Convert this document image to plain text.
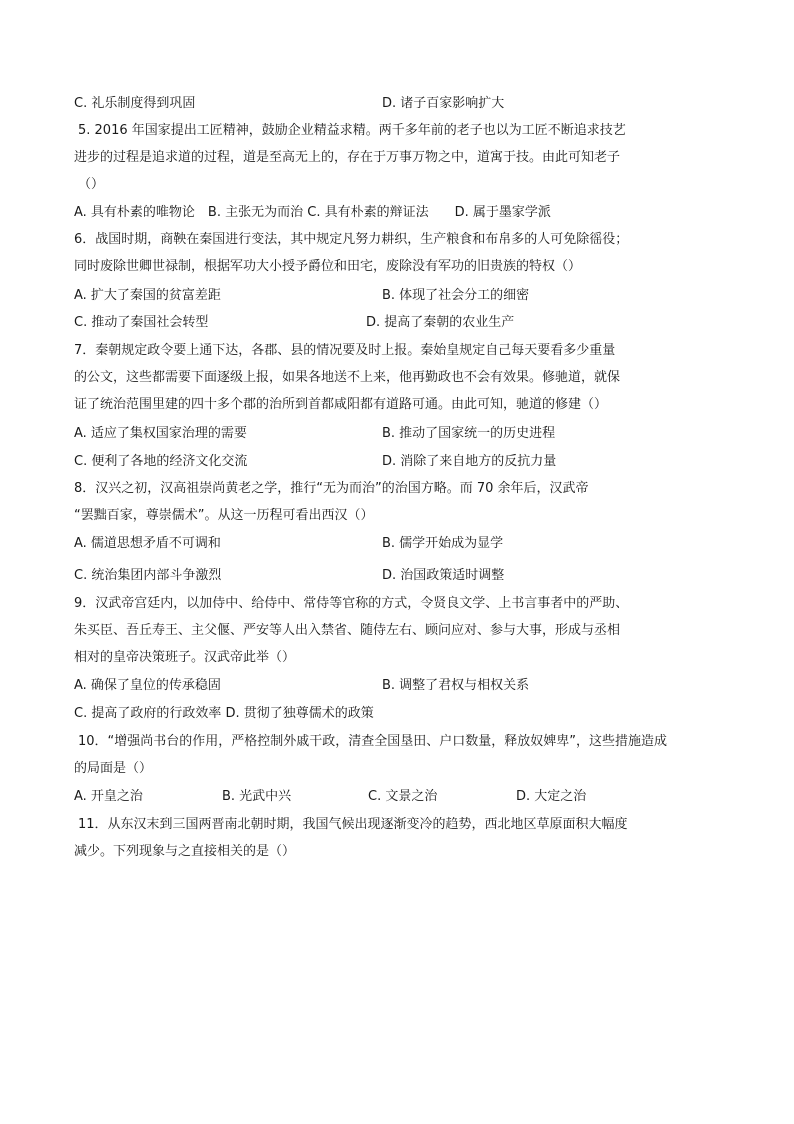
C. 礼乐制度得到巩固	D. 诸子百家影响扩大
5. 2016 年国家提出工匠精神，鼓励企业精益求精。两千多年前的老子也以为工匠不断追求技艺
进步的过程是追求道的过程，道是至高无上的，存在于万事万物之中，道寓于技。由此可知老子
（）
A. 具有朴素的唯物论　B. 主张无为而治 C. 具有朴素的辩证法　　D. 属于墨家学派
6．战国时期，商鞅在秦国进行变法，其中规定凡努力耕织，生产粮食和布帛多的人可免除徭役；
同时废除世卿世禄制，根据军功大小授予爵位和田宅，废除没有军功的旧贵族的特权（）
A. 扩大了秦国的贫富差距	B. 体现了社会分工的细密
C. 推动了秦国社会转型	D. 提高了秦朝的农业生产
7．秦朝规定政令要上通下达，各郡、县的情况要及时上报。秦始皇规定自己每天要看多少重量
的公文，这些都需要下面逐级上报，如果各地送不上来，他再勤政也不会有效果。修驰道，就保
证了统治范围里建的四十多个郡的治所到首都咸阳都有道路可通。由此可知，驰道的修建（）
A. 适应了集权国家治理的需要	B. 推动了国家统一的历史进程
C. 便利了各地的经济文化交流	D. 消除了来自地方的反抗力量
8．汉兴之初，汉高祖崇尚黄老之学，推行“无为而治”的治国方略。而 70 余年后，汉武帝
“罢黜百家，尊崇儒术”。从这一历程可看出西汉（）
A. 儒道思想矛盾不可调和	B. 儒学开始成为显学
C. 统治集团内部斗争激烈	D. 治国政策适时调整
9．汉武帝宫廷内，以加侍中、给侍中、常侍等官称的方式，令贤良文学、上书言事者中的严助、
朱买臣、吾丘寿王、主父偃、严安等人出入禁省、随侍左右、顾问应对、参与大事，形成与丞相
相对的皇帝决策班子。汉武帝此举（）
A. 确保了皇位的传承稳固	B. 调整了君权与相权关系
C. 提高了政府的行政效率 D. 贯彻了独尊儒术的政策
10．“增强尚书台的作用，严格控制外戚干政，清查全国垦田、户口数量，释放奴婢卑”，这些措施造成
的局面是（）
A. 开皇之治	B. 光武中兴	C. 文景之治	D. 大定之治
11．从东汉末到三国两晋南北朝时期，我国气候出现逐渐变冷的趋势，西北地区草原面积大幅度
减少。下列现象与之直接相关的是（）
